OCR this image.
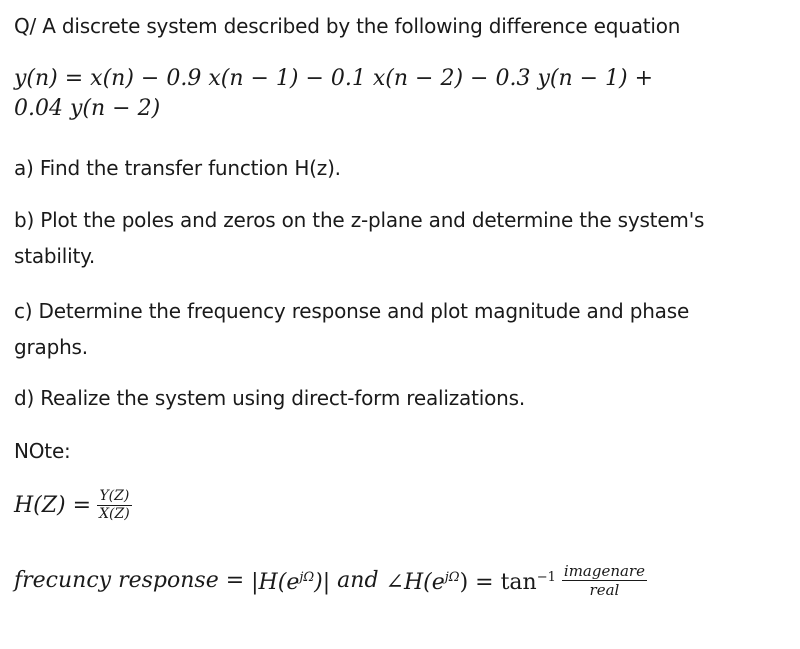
Q/ A discrete system described by the following difference equation
y(n) = x(n) − 0.9 x(n − 1) − 0.1 x(n − 2) − 0.3 y(n − 1) +
0.04 y(n − 2)
a) Find the transfer function H(z).
b) Plot the poles and zeros on the z-plane and determine the system's
stability.
c) Determine the frequency response and plot magnitude and phase
graphs.
d) Realize the system using direct-form realizations.
NOte:
$H(Z) = \frac{Y(Z)}{X(Z)}$
frecuncy response =
$|H(e^{j\Omega})|$
and
$\angle H(e^{j\Omega}) = \tan^{-1} \frac{\text{imagenare}}{\text{real}}$
